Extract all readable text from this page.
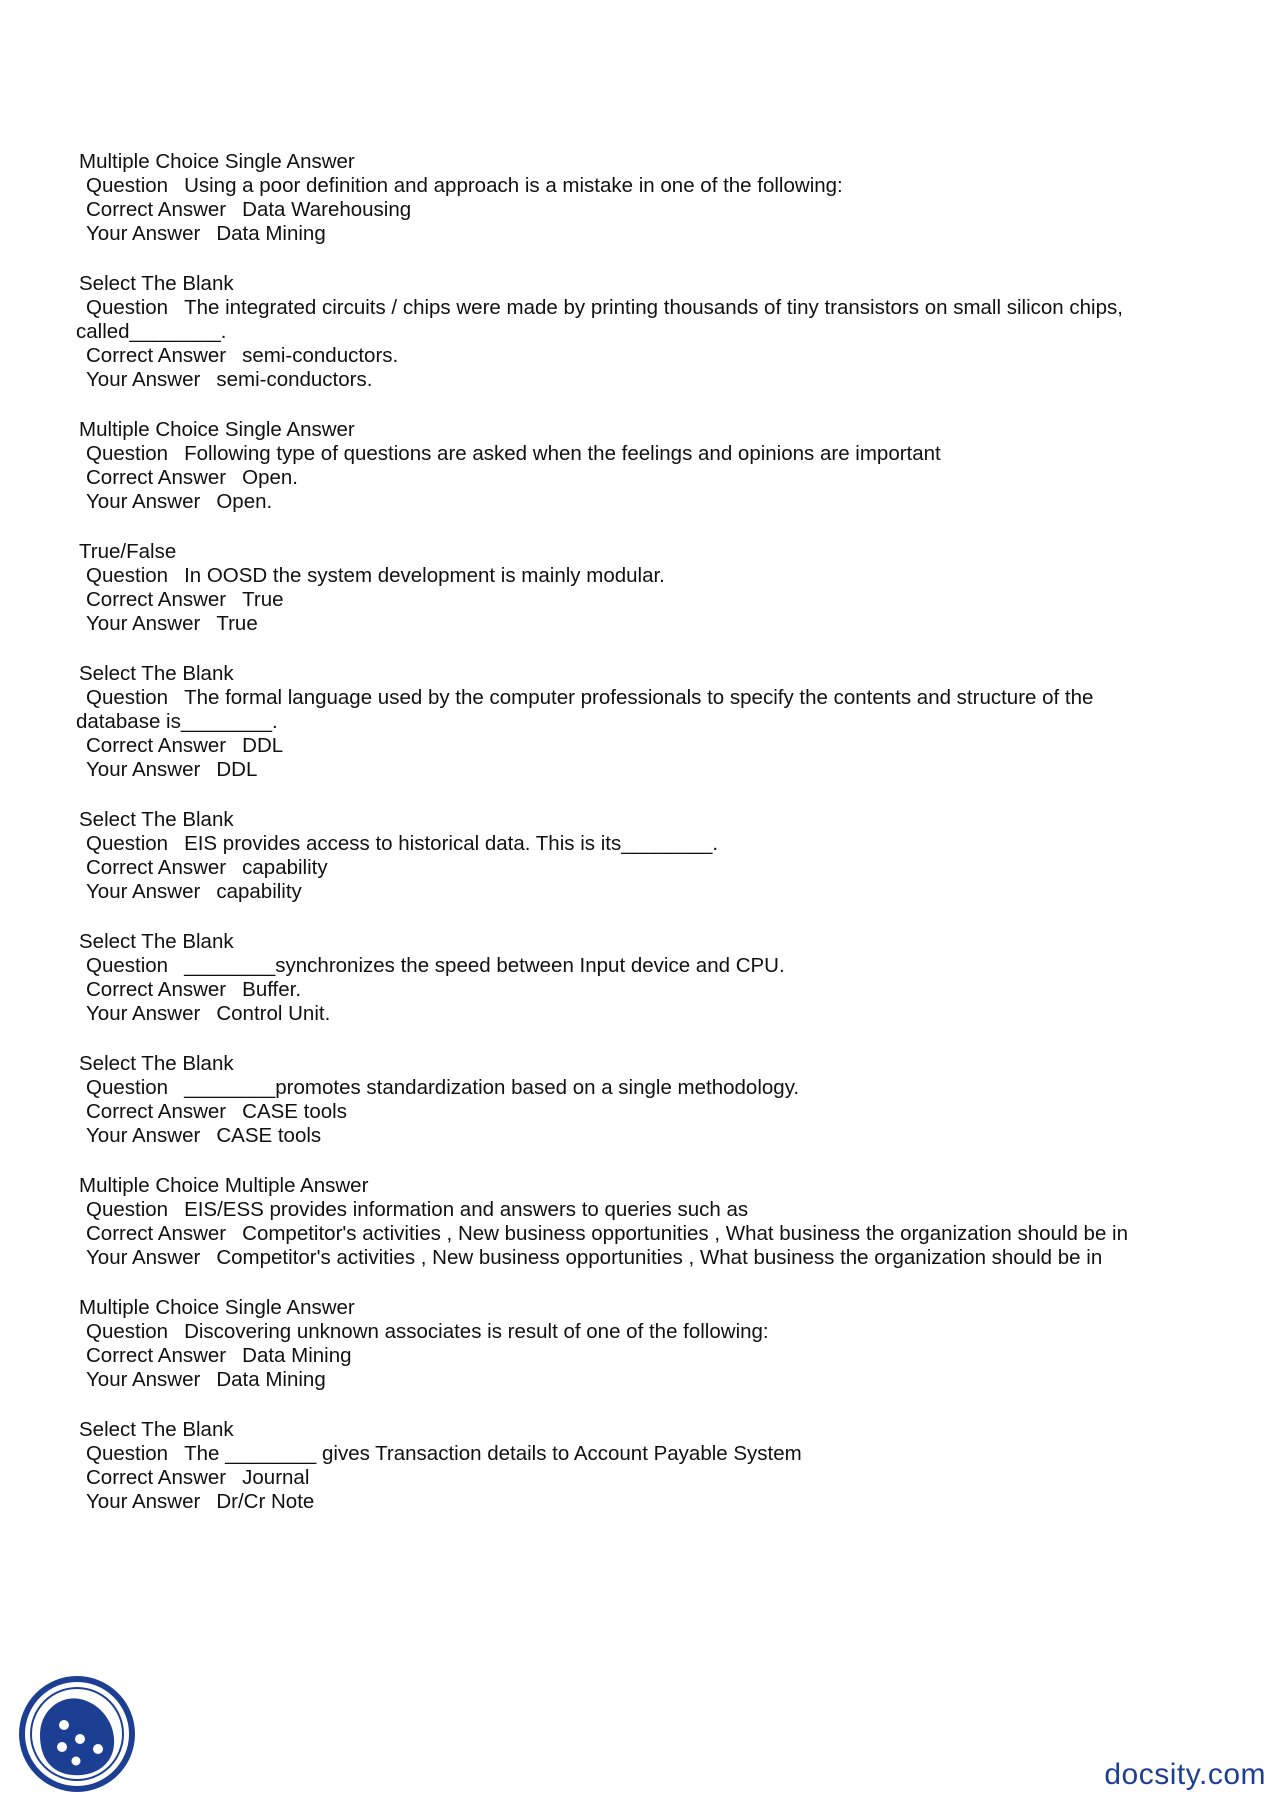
Multiple Choice Single Answer
Question Using a poor definition and approach is a mistake in one of the following:
Correct Answer Data Warehousing
Your Answer Data Mining
Select The Blank
Question The integrated circuits / chips were made by printing thousands of tiny transistors on small silicon chips, called________.
Correct Answer semi-conductors.
Your Answer semi-conductors.
Multiple Choice Single Answer
Question Following type of questions are asked when the feelings and opinions are important
Correct Answer Open.
Your Answer Open.
True/False
Question In OOSD the system development is mainly modular.
Correct Answer True
Your Answer True
Select The Blank
Question The formal language used by the computer professionals to specify the contents and structure of the database is________.
Correct Answer DDL
Your Answer DDL
Select The Blank
Question EIS provides access to historical data. This is its________.
Correct Answer capability
Your Answer capability
Select The Blank
Question ________synchronizes the speed between Input device and CPU.
Correct Answer Buffer.
Your Answer Control Unit.
Select The Blank
Question ________promotes standardization based on a single methodology.
Correct Answer CASE tools
Your Answer CASE tools
Multiple Choice Multiple Answer
Question EIS/ESS provides information and answers to queries such as
Correct Answer Competitor's activities , New business opportunities , What business the organization should be in
Your Answer Competitor's activities , New business opportunities , What business the organization should be in
Multiple Choice Single Answer
Question Discovering unknown associates is result of one of the following:
Correct Answer Data Mining
Your Answer Data Mining
Select The Blank
Question The ________ gives Transaction details to Account Payable System
Correct Answer Journal
Your Answer Dr/Cr Note
docsity.com
